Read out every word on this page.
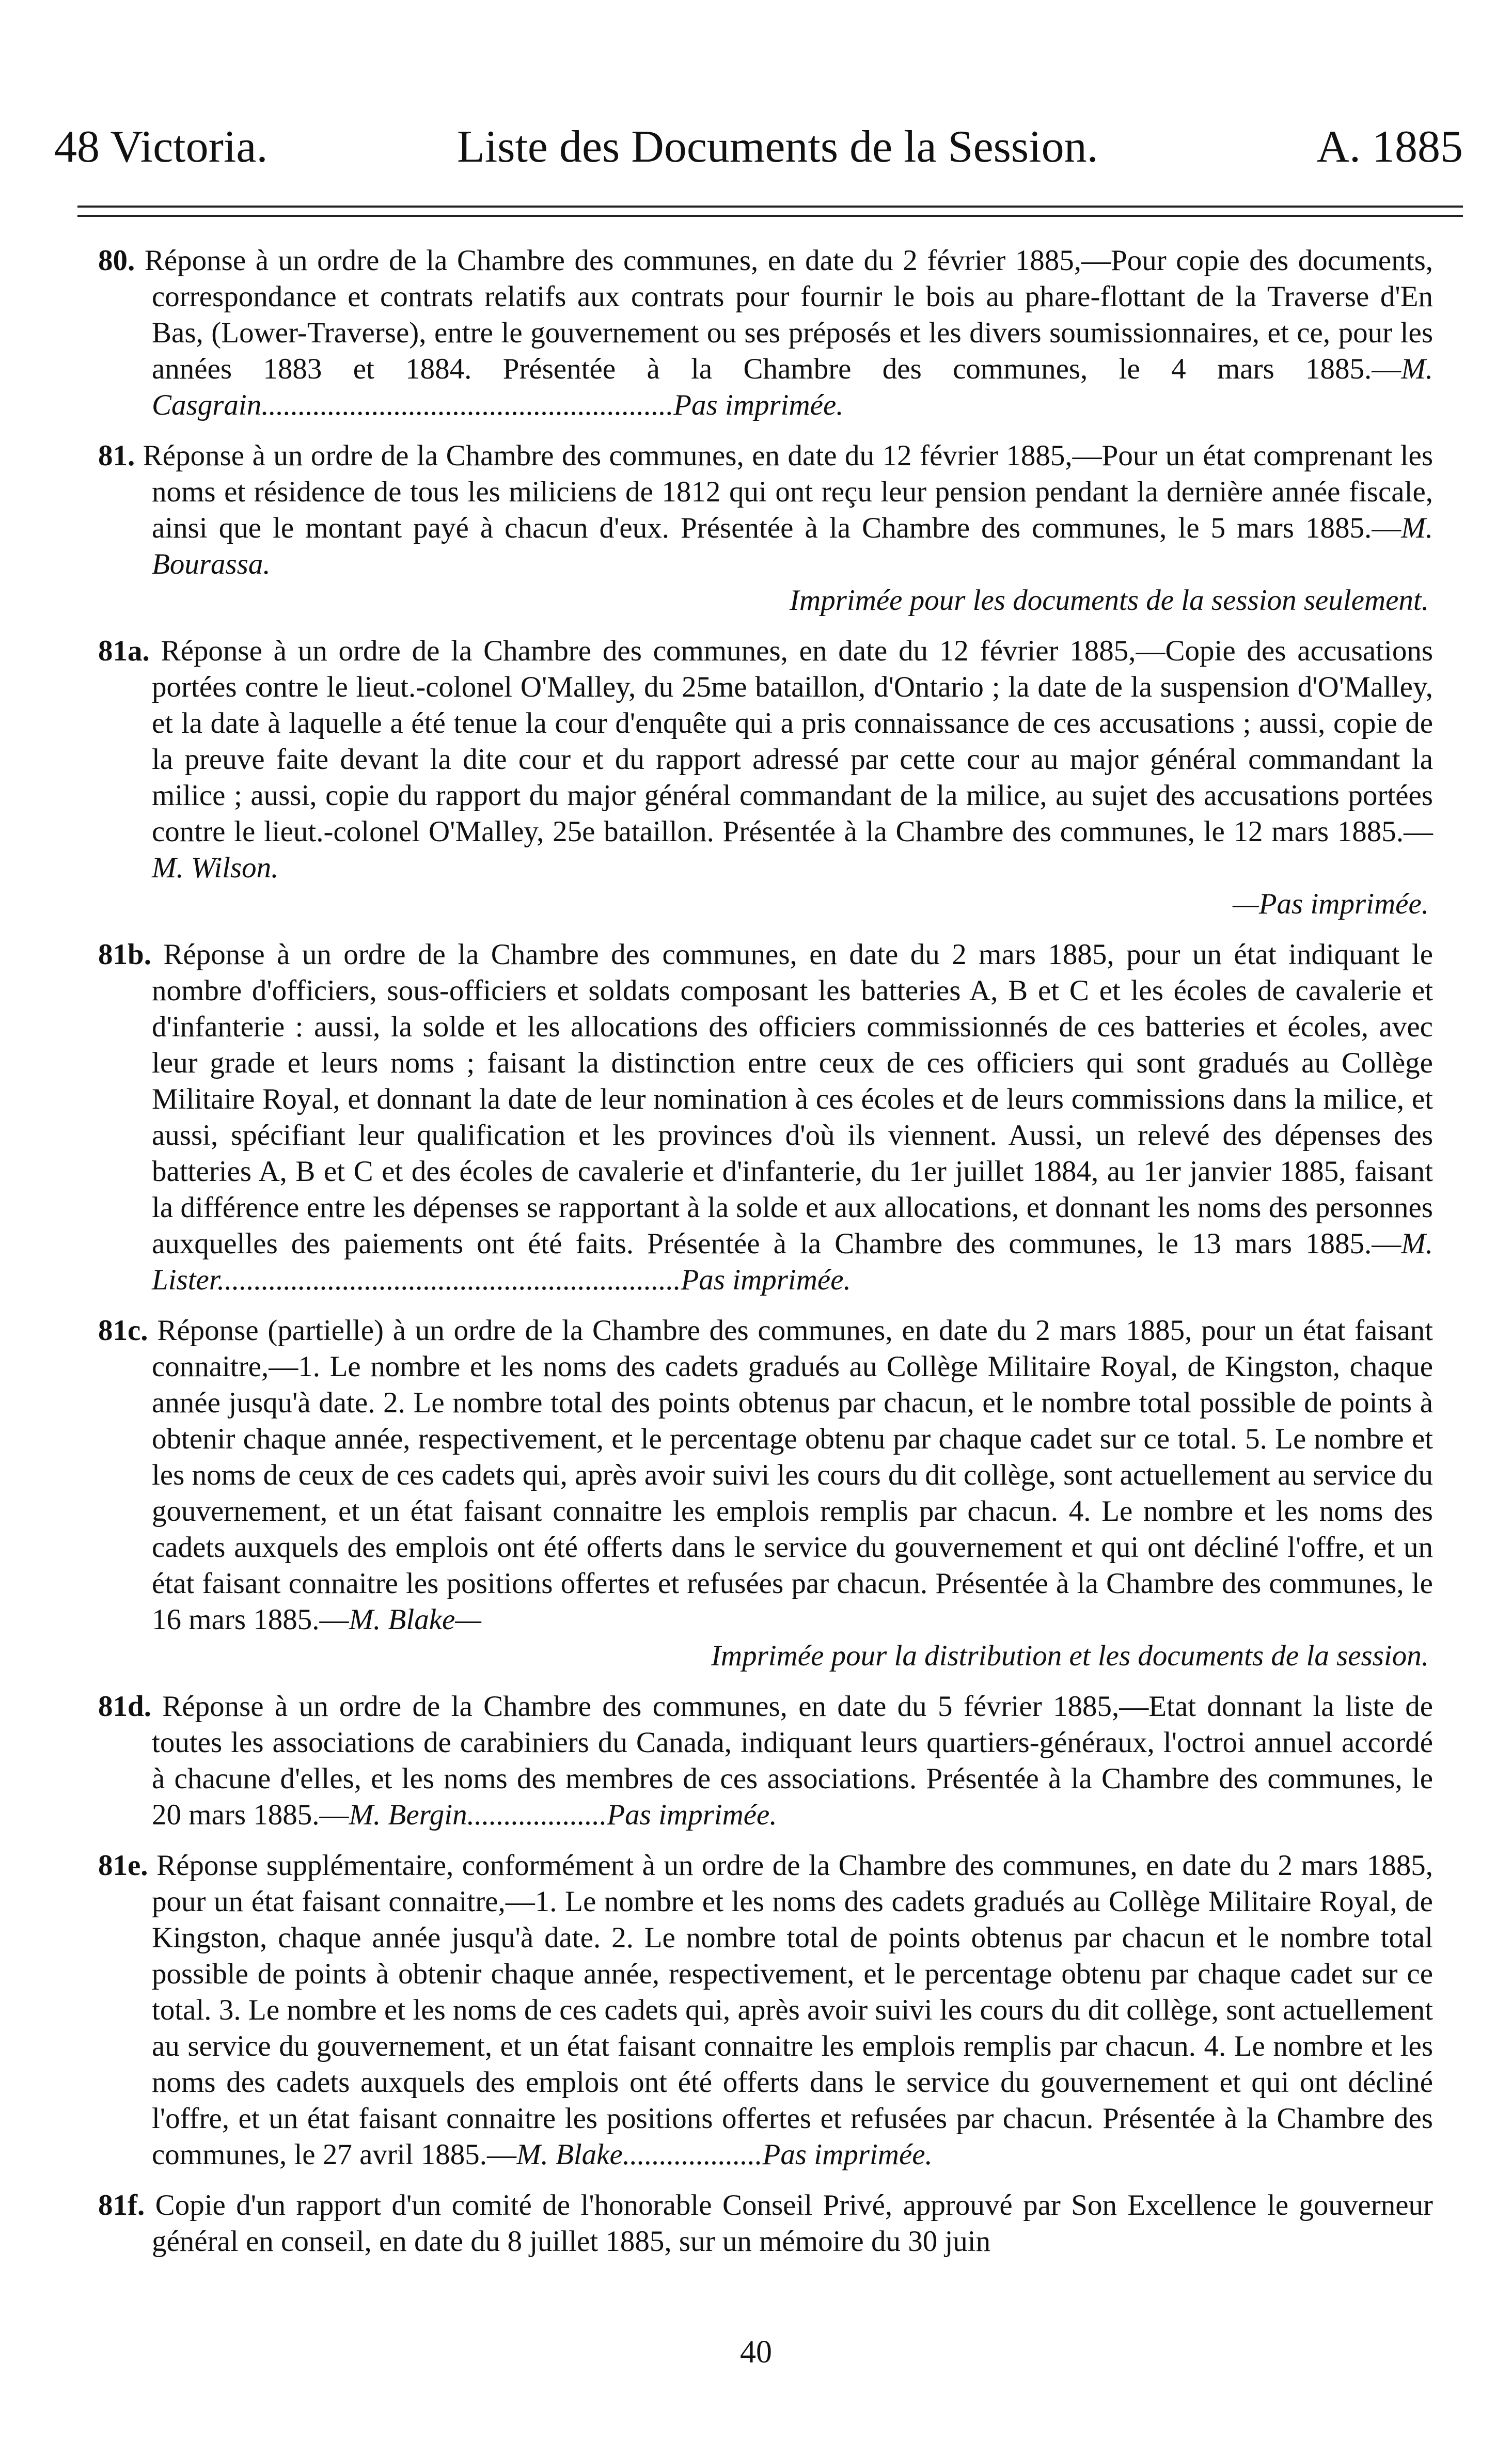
48 Victoria.	Liste des Documents de la Session.	A. 1885
80. Réponse à un ordre de la Chambre des communes, en date du 2 février 1885,—Pour copie des documents, correspondance et contrats relatifs aux contrats pour fournir le bois au phare-flottant de la Traverse d'En Bas, (Lower-Traverse), entre le gouvernement ou ses préposés et les divers soumissionnaires, et ce, pour les années 1883 et 1884. Présentée à la Chambre des communes, le 4 mars 1885.—M. Casgrain........................................................Pas imprimée.
81. Réponse à un ordre de la Chambre des communes, en date du 12 février 1885,—Pour un état comprenant les noms et résidence de tous les miliciens de 1812 qui ont reçu leur pension pendant la dernière année fiscale, ainsi que le montant payé à chacun d'eux. Présentée à la Chambre des communes, le 5 mars 1885.—M. Bourassa.
Imprimée pour les documents de la session seulement.
81a. Réponse à un ordre de la Chambre des communes, en date du 12 février 1885,—Copie des accusations portées contre le lieut.-colonel O'Malley, du 25me bataillon, d'Ontario ; la date de la suspension d'O'Malley, et la date à laquelle a été tenue la cour d'enquête qui a pris connaissance de ces accusations ; aussi, copie de la preuve faite devant la dite cour et du rapport adressé par cette cour au major général commandant la milice ; aussi, copie du rapport du major général commandant de la milice, au sujet des accusations portées contre le lieut.-colonel O'Malley, 25e bataillon. Présentée à la Chambre des communes, le 12 mars 1885.—M. Wilson.
—Pas imprimée.
81b. Réponse à un ordre de la Chambre des communes, en date du 2 mars 1885, pour un état indiquant le nombre d'officiers, sous-officiers et soldats composant les batteries A, B et C et les écoles de cavalerie et d'infanterie : aussi, la solde et les allocations des officiers commissionnés de ces batteries et écoles, avec leur grade et leurs noms ; faisant la distinction entre ceux de ces officiers qui sont gradués au Collège Militaire Royal, et donnant la date de leur nomination à ces écoles et de leurs commissions dans la milice, et aussi, spécifiant leur qualification et les provinces d'où ils viennent. Aussi, un relevé des dépenses des batteries A, B et C et des écoles de cavalerie et d'infanterie, du 1er juillet 1884, au 1er janvier 1885, faisant la différence entre les dépenses se rapportant à la solde et aux allocations, et donnant les noms des personnes auxquelles des paiements ont été faits. Présentée à la Chambre des communes, le 13 mars 1885.—M. Lister...............................................................Pas imprimée.
81c. Réponse (partielle) à un ordre de la Chambre des communes, en date du 2 mars 1885, pour un état faisant connaitre,—1. Le nombre et les noms des cadets gradués au Collège Militaire Royal, de Kingston, chaque année jusqu'à date. 2. Le nombre total des points obtenus par chacun, et le nombre total possible de points à obtenir chaque année, respectivement, et le percentage obtenu par chaque cadet sur ce total. 5. Le nombre et les noms de ceux de ces cadets qui, après avoir suivi les cours du dit collège, sont actuellement au service du gouvernement, et un état faisant connaitre les emplois remplis par chacun. 4. Le nombre et les noms des cadets auxquels des emplois ont été offerts dans le service du gouvernement et qui ont décliné l'offre, et un état faisant connaitre les positions offertes et refusées par chacun. Présentée à la Chambre des communes, le 16 mars 1885.—M. Blake—
Imprimée pour la distribution et les documents de la session.
81d. Réponse à un ordre de la Chambre des communes, en date du 5 février 1885,—Etat donnant la liste de toutes les associations de carabiniers du Canada, indiquant leurs quartiers-généraux, l'octroi annuel accordé à chacune d'elles, et les noms des membres de ces associations. Présentée à la Chambre des communes, le 20 mars 1885.—M. Bergin...................Pas imprimée.
81e. Réponse supplémentaire, conformément à un ordre de la Chambre des communes, en date du 2 mars 1885, pour un état faisant connaitre,—1. Le nombre et les noms des cadets gradués au Collège Militaire Royal, de Kingston, chaque année jusqu'à date. 2. Le nombre total de points obtenus par chacun et le nombre total possible de points à obtenir chaque année, respectivement, et le percentage obtenu par chaque cadet sur ce total. 3. Le nombre et les noms de ces cadets qui, après avoir suivi les cours du dit collège, sont actuellement au service du gouvernement, et un état faisant connaitre les emplois remplis par chacun. 4. Le nombre et les noms des cadets auxquels des emplois ont été offerts dans le service du gouvernement et qui ont décliné l'offre, et un état faisant connaitre les positions offertes et refusées par chacun. Présentée à la Chambre des communes, le 27 avril 1885.—M. Blake...................Pas imprimée.
81f. Copie d'un rapport d'un comité de l'honorable Conseil Privé, approuvé par Son Excellence le gouverneur général en conseil, en date du 8 juillet 1885, sur un mémoire du 30 juin
40
